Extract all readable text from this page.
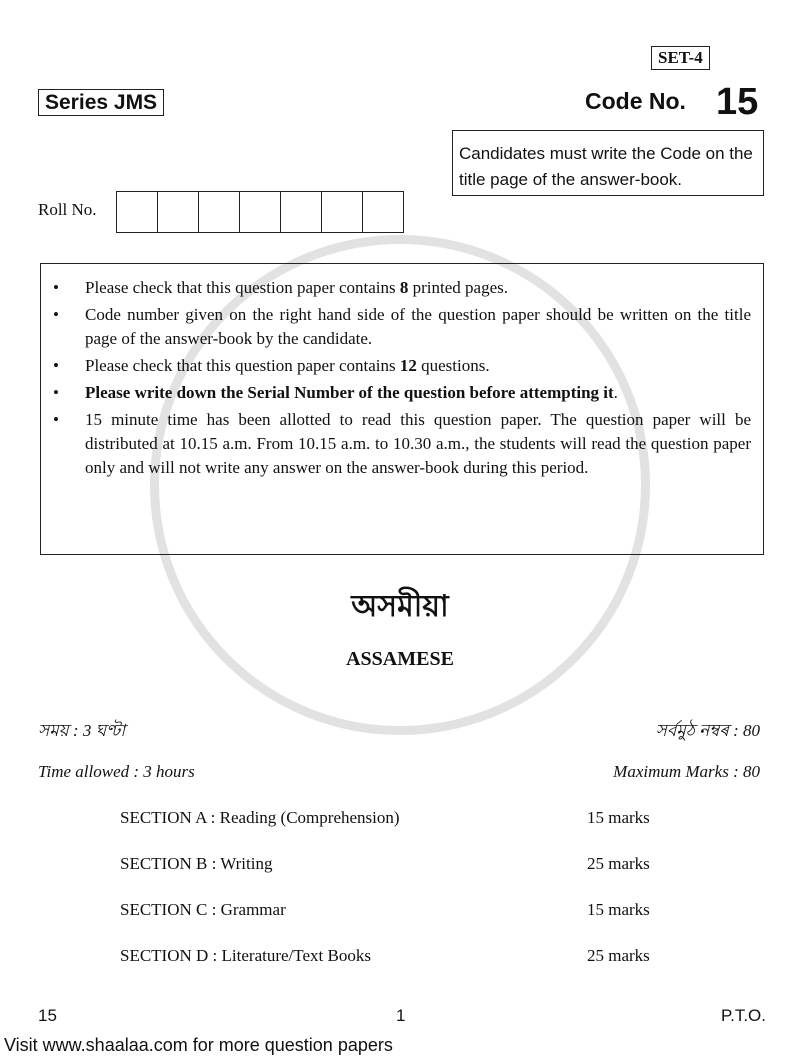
SET-4
Series JMS	Code No. 15
Candidates must write the Code on the title page of the answer-book.
Roll No.
•	Please check that this question paper contains 8 printed pages.
•	Code number given on the right hand side of the question paper should be written on the title page of the answer-book by the candidate.
•	Please check that this question paper contains 12 questions.
•	Please write down the Serial Number of the question before attempting it.
•	15 minute time has been allotted to read this question paper. The question paper will be distributed at 10.15 a.m. From 10.15 a.m. to 10.30 a.m., the students will read the question paper only and will not write any answer on the answer-book during this period.
অসমীয়া
ASSAMESE
সময় : 3 ঘণ্টা	সৰ্বমুঠ নম্বৰ : 80
Time allowed : 3 hours	Maximum Marks : 80
SECTION A : Reading (Comprehension)	15 marks
SECTION B : Writing	25 marks
SECTION C : Grammar	15 marks
SECTION D : Literature/Text Books	25 marks
15	1	P.T.O.
Visit www.shaalaa.com for more question papers
